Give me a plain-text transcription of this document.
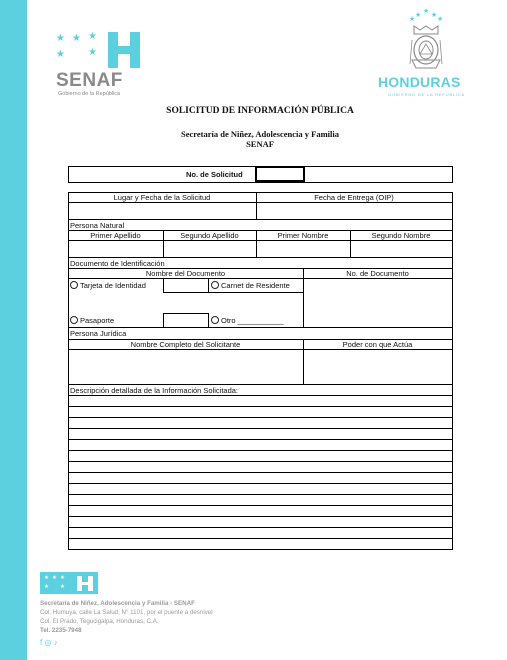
★ ★ ★
★ ★
SENAF
Gobierno de la República
★
★ ★
★	★
HONDURAS
GOBIERNO DE LA REPÚBLICA
SOLICITUD DE INFORMACIÓN PÚBLICA
Secretaría de Niñez, Adolescencia y Familia
SENAF
No. de Solicitud
Lugar y Fecha de la Solicitud	Fecha de Entrega (OIP)
Persona Natural
Primer Apellido	Segundo Apellido	Primer Nombre	Segundo Nombre
Documento de Identificación
Nombre del Documento	No. de Documento
Tarjeta de Identidad	Carnet de Residente
Pasaporte	Otro ___________
Persona Jurídica
Nombre Completo del Solicitante	Poder con que Actúa
Descripción detallada de la Información Solicitada:
★ ★ ★
★ ★
Secretaría de Niñez, Adolescencia y Familia - SENAF
Col. Humuya, calle La Salud, N° 1101, por el puente a desnivel
Col. El Prado, Tegucigalpa, Honduras, C.A.
Tel. 2235-7948
f ◎ ♪
